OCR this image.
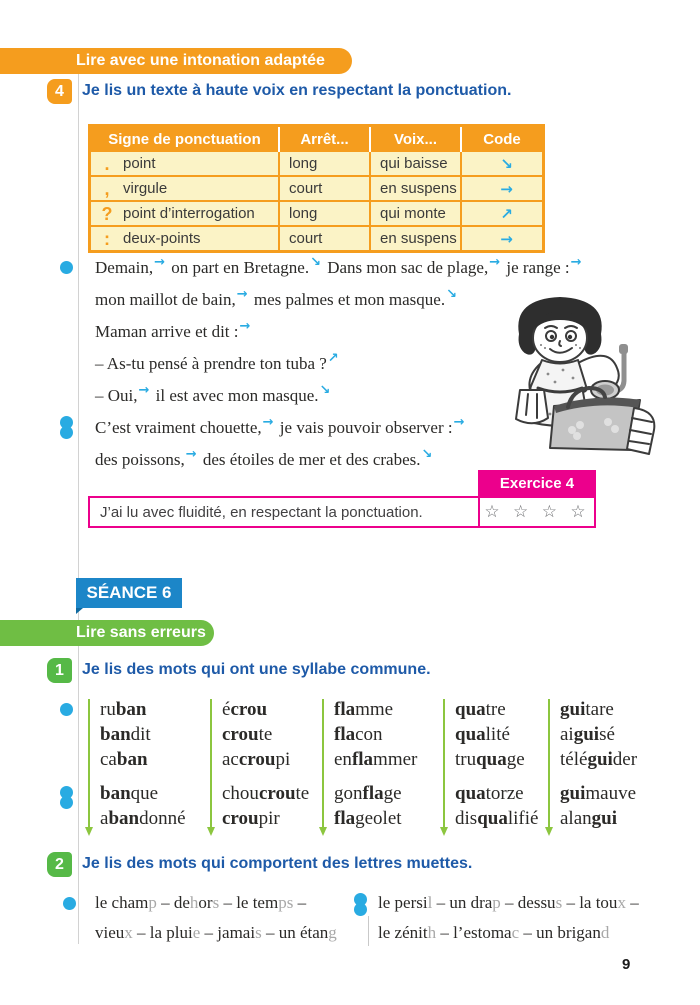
Lire avec une intonation adaptée
4	Je lis un texte à haute voix en respectant la ponctuation.
Signe de ponctuation	Arrêt...	Voix...	Code
. point	long	qui baisse	↘
, virgule	court	en suspens	→
? point d’interrogation	long	qui monte	↗
: deux-points	court	en suspens	→
Demain,→ on part en Bretagne.↘ Dans mon sac de plage,→ je range :→
mon maillot de bain,→ mes palmes et mon masque.↘
Maman arrive et dit :→
– As-tu pensé à prendre ton tuba ?↗
– Oui,→ il est avec mon masque.↘
C’est vraiment chouette,→ je vais pouvoir observer :→
des poissons,→ des étoiles de mer et des crabes.↘
Exercice 4
J’ai lu avec fluidité, en respectant la ponctuation.	☆ ☆ ☆ ☆
SÉANCE 6
Lire sans erreurs
1	Je lis des mots qui ont une syllabe commune.
ruban
bandit
caban
banque
abandonné
écrou
croute
accroupi
choucroute
croupir
flamme
flacon
enflammer
gonflage
flageolet
quatre
qualité
truquage
quatorze
disqualifié
guitare
aiguisé
téléguider
guimauve
alangui
2	Je lis des mots qui comportent des lettres muettes.
le champ – dehors – le temps –
vieux – la pluie – jamais – un étang
le persil – un drap – dessus – la toux –
le zénith – l’estomac – un brigand
9
